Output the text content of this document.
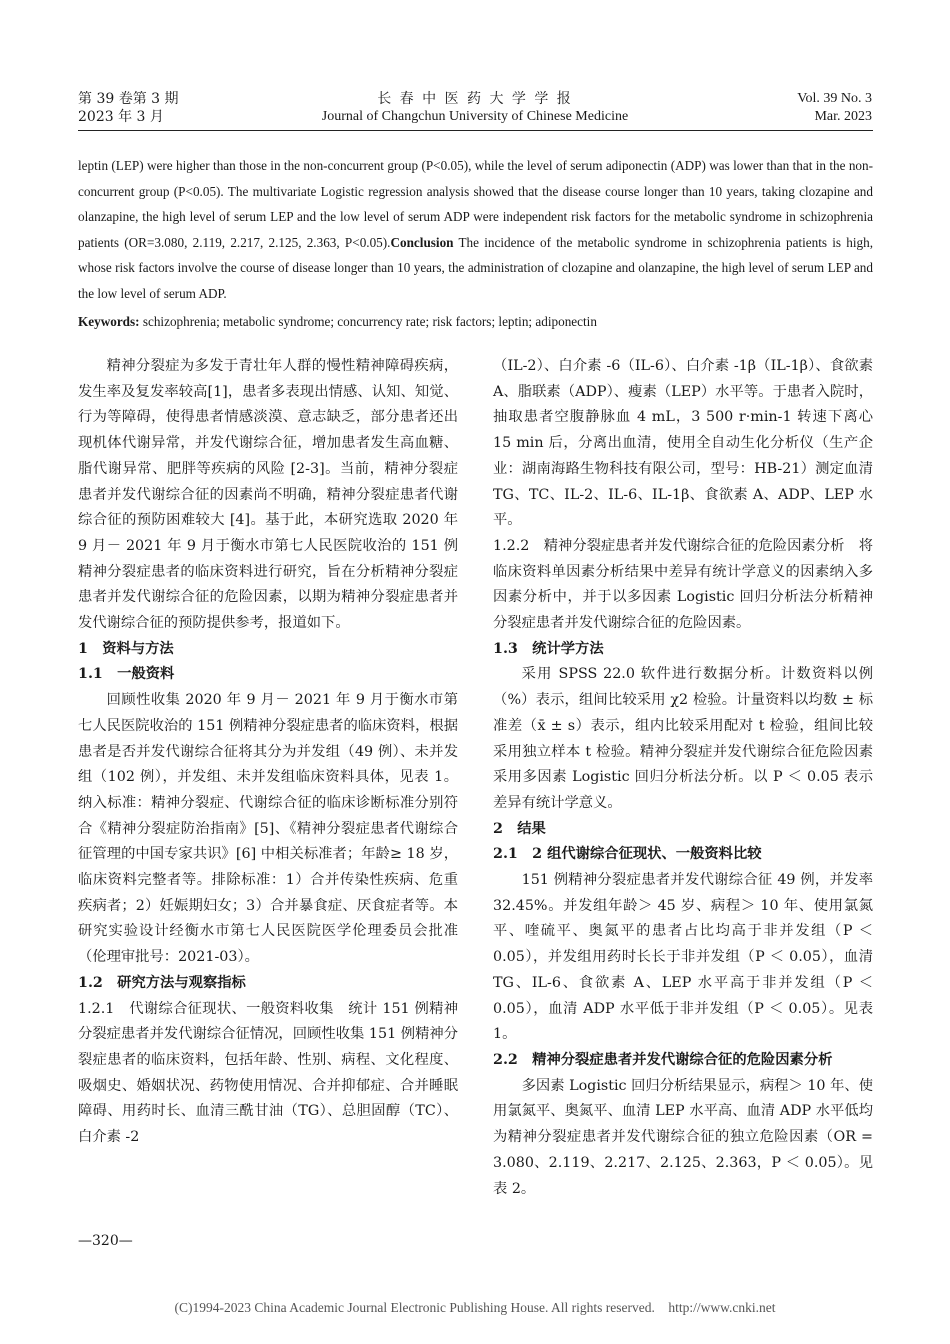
第 39 卷第 3 期
2023 年 3 月
长 春 中 医 药 大 学 学 报
Journal of Changchun University of Chinese Medicine
Vol. 39 No. 3
Mar. 2023
leptin (LEP) were higher than those in the non-concurrent group (P<0.05), while the level of serum adiponectin (ADP) was lower than that in the non-concurrent group (P<0.05). The multivariate Logistic regression analysis showed that the disease course longer than 10 years, taking clozapine and olanzapine, the high level of serum LEP and the low level of serum ADP were independent risk factors for the metabolic syndrome in schizophrenia patients (OR=3.080, 2.119, 2.217, 2.125, 2.363, P<0.05).Conclusion The incidence of the metabolic syndrome in schizophrenia patients is high, whose risk factors involve the course of disease longer than 10 years, the administration of clozapine and olanzapine, the high level of serum LEP and the low level of serum ADP.
Keywords: schizophrenia; metabolic syndrome; concurrency rate; risk factors; leptin; adiponectin

精神分裂症为多发于青壮年人群的慢性精神障碍疾病，发生率及复发率较高[1]，患者多表现出情感、认知、知觉、行为等障碍，使得患者情感淡漠、意志缺乏，部分患者还出现机体代谢异常，并发代谢综合征，增加患者发生高血糖、脂代谢异常、肥胖等疾病的风险 [2-3]。当前，精神分裂症患者并发代谢综合征的因素尚不明确，精神分裂症患者代谢综合征的预防困难较大 [4]。基于此，本研究选取 2020 年 9 月－ 2021 年 9 月于衡水市第七人民医院收治的 151 例精神分裂症患者的临床资料进行研究，旨在分析精神分裂症患者并发代谢综合征的危险因素，以期为精神分裂症患者并发代谢综合征的预防提供参考，报道如下。

1　资料与方法

1.1　一般资料

回顾性收集 2020 年 9 月－ 2021 年 9 月于衡水市第七人民医院收治的 151 例精神分裂症患者的临床资料，根据患者是否并发代谢综合征将其分为并发组（49 例）、未并发组（102 例），并发组、未并发组临床资料具体，见表 1。纳入标准：精神分裂症、代谢综合征的临床诊断标准分别符合《精神分裂症防治指南》[5]、《精神分裂症患者代谢综合征管理的中国专家共识》[6] 中相关标准者；年龄≥ 18 岁，临床资料完整者等。排除标准：1）合并传染性疾病、危重疾病者；2）妊娠期妇女；3）合并暴食症、厌食症者等。本研究实验设计经衡水市第七人民医院医学伦理委员会批准（伦理审批号：2021-03）。

1.2　研究方法与观察指标

1.2.1　代谢综合征现状、一般资料收集　统计 151 例精神分裂症患者并发代谢综合征情况，回顾性收集 151 例精神分裂症患者的临床资料，包括年龄、性别、病程、文化程度、吸烟史、婚姻状况、药物使用情况、合并抑郁症、合并睡眠障碍、用药时长、血清三酰甘油（TG）、总胆固醇（TC）、白介素 -2

（IL-2）、白介素 -6（IL-6）、白介素 -1β（IL-1β）、食欲素 A、脂联素（ADP）、瘦素（LEP）水平等。于患者入院时，抽取患者空腹静脉血 4 mL，3 500 r·min-1 转速下离心 15 min 后，分离出血清，使用全自动生化分析仪（生产企业：湖南海路生物科技有限公司，型号：HB-21）测定血清 TG、TC、IL-2、IL-6、IL-1β、食欲素 A、ADP、LEP 水平。

1.2.2　精神分裂症患者并发代谢综合征的危险因素分析　将临床资料单因素分析结果中差异有统计学意义的因素纳入多因素分析中，并于以多因素 Logistic 回归分析法分析精神分裂症患者并发代谢综合征的危险因素。

1.3　统计学方法

采用 SPSS 22.0 软件进行数据分析。计数资料以例（%）表示，组间比较采用 χ2 检验。计量资料以均数 ± 标准差（x̄ ± s）表示，组内比较采用配对 t 检验，组间比较采用独立样本 t 检验。精神分裂症并发代谢综合征危险因素采用多因素 Logistic 回归分析法分析。以 P ＜ 0.05 表示差异有统计学意义。

2　结果

2.1　2 组代谢综合征现状、一般资料比较

151 例精神分裂症患者并发代谢综合征 49 例，并发率 32.45%。并发组年龄＞ 45 岁、病程＞ 10 年、使用氯氮平、喹硫平、奥氮平的患者占比均高于非并发组（P ＜ 0.05），并发组用药时长长于非并发组（P ＜ 0.05），血清 TG、IL-6、食欲素 A、LEP 水平高于非并发组（P ＜ 0.05），血清 ADP 水平低于非并发组（P ＜ 0.05）。见表 1。

2.2　精神分裂症患者并发代谢综合征的危险因素分析

多因素 Logistic 回归分析结果显示，病程＞ 10 年、使用氯氮平、奥氮平、血清 LEP 水平高、血清 ADP 水平低均为精神分裂症患者并发代谢综合征的独立危险因素（OR = 3.080、2.119、2.217、2.125、2.363，P ＜ 0.05）。见表 2。

—320—
(C)1994-2023 China Academic Journal Electronic Publishing House. All rights reserved.　http://www.cnki.net
